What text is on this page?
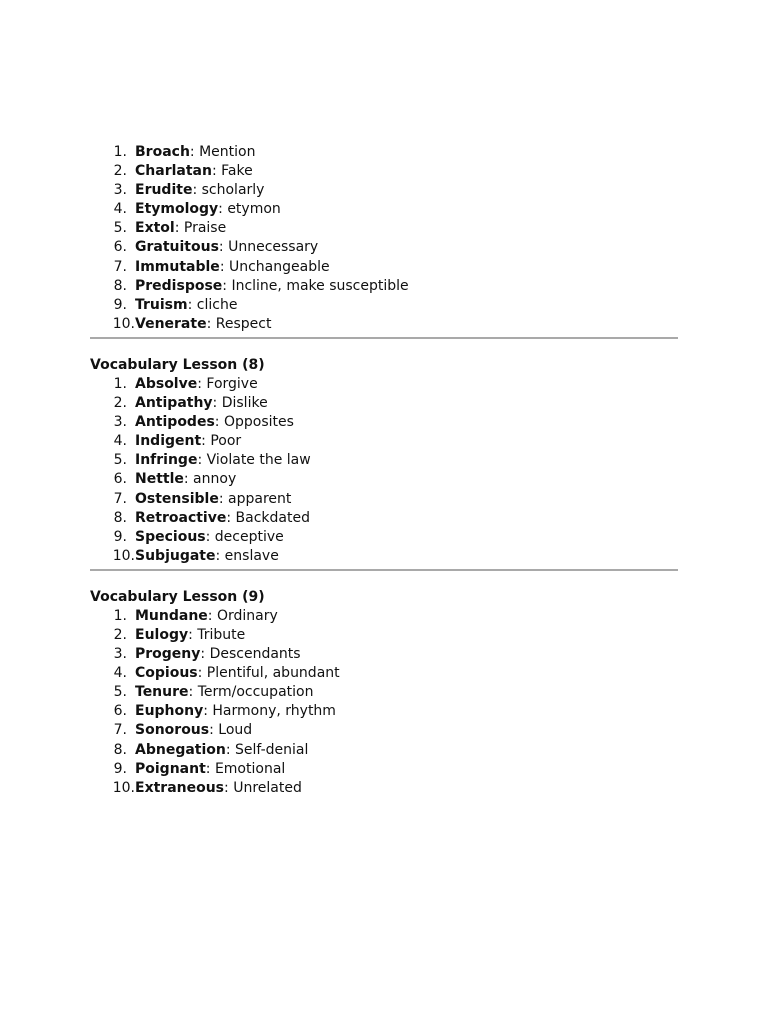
1. Broach: Mention
2. Charlatan: Fake
3. Erudite: scholarly
4. Etymology: etymon
5. Extol: Praise
6. Gratuitous: Unnecessary
7. Immutable: Unchangeable
8. Predispose: Incline, make susceptible
9. Truism: cliche
10. Venerate: Respect
Vocabulary Lesson (8)
1. Absolve: Forgive
2. Antipathy: Dislike
3. Antipodes: Opposites
4. Indigent: Poor
5. Infringe: Violate the law
6. Nettle: annoy
7. Ostensible: apparent
8. Retroactive: Backdated
9. Specious: deceptive
10. Subjugate: enslave
Vocabulary Lesson (9)
1. Mundane: Ordinary
2. Eulogy: Tribute
3. Progeny: Descendants
4. Copious: Plentiful, abundant
5. Tenure: Term/occupation
6. Euphony: Harmony, rhythm
7. Sonorous: Loud
8. Abnegation: Self-denial
9. Poignant: Emotional
10. Extraneous: Unrelated
